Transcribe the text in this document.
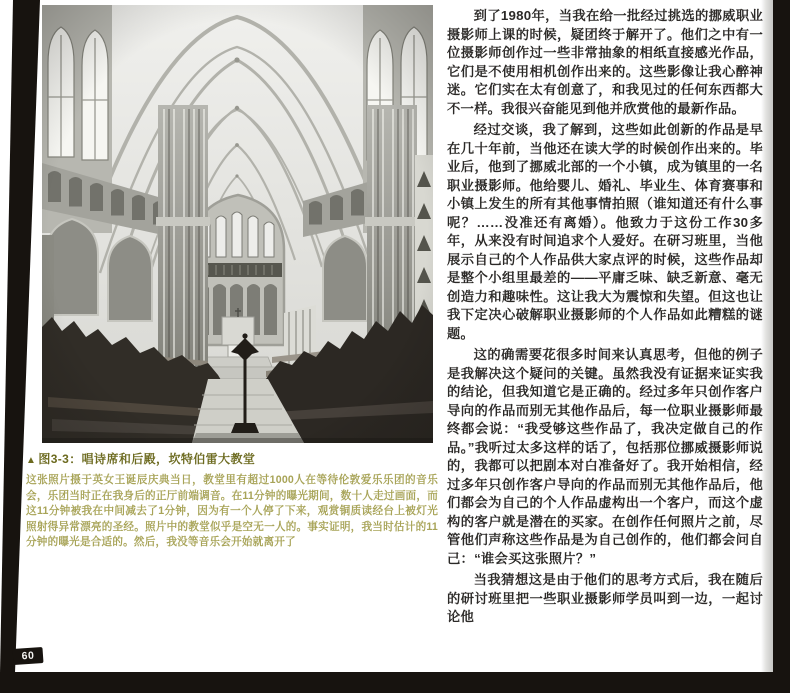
60
▲ 图3-3：唱诗席和后殿，坎特伯雷大教堂
这张照片摄于英女王诞辰庆典当日，教堂里有超过1000人在等待伦敦爱乐乐团的音乐会，乐团当时正在我身后的正厅前端调音。在11分钟的曝光期间，数十人走过画面，而这11分钟被我在中间减去了1分钟，因为有一个人停了下来，观赏铜质读经台上被灯光照射得异常漂亮的圣经。照片中的教堂似乎是空无一人的。事实证明，我当时估计的11分钟的曝光是合适的。然后，我没等音乐会开始就离开了

到了1980年，当我在给一批经过挑选的挪威职业摄影师上课的时候，疑团终于解开了。他们之中有一位摄影师创作过一些非常抽象的相纸直接感光作品，它们是不使用相机创作出来的。这些影像让我心醉神迷。它们实在太有创意了，和我见过的任何东西都大不一样。我很兴奋能见到他并欣赏他的最新作品。

经过交谈，我了解到，这些如此创新的作品是早在几十年前，当他还在读大学的时候创作出来的。毕业后，他到了挪威北部的一个小镇，成为镇里的一名职业摄影师。他给婴儿、婚礼、毕业生、体育赛事和小镇上发生的所有其他事情拍照（谁知道还有什么事呢？……没准还有离婚）。他致力于这份工作30多年，从来没有时间追求个人爱好。在研习班里，当他展示自己的个人作品供大家点评的时候，这些作品却是整个小组里最差的——平庸乏味、缺乏新意、毫无创造力和趣味性。这让我大为震惊和失望。但这也让我下定决心破解职业摄影师的个人作品如此糟糕的谜题。

这的确需要花很多时间来认真思考，但他的例子是我解决这个疑问的关键。虽然我没有证据来证实我的结论，但我知道它是正确的。经过多年只创作客户导向的作品而别无其他作品后，每一位职业摄影师最终都会说：“我受够这些作品了，我决定做自己的作品。”我听过太多这样的话了，包括那位挪威摄影师说的，我都可以把剧本对白准备好了。我开始相信，经过多年只创作客户导向的作品而别无其他作品后，他们都会为自己的个人作品虚构出一个客户，而这个虚构的客户就是潜在的买家。在创作任何照片之前，尽管他们声称这些作品是为自己创作的，他们都会问自己：“谁会买这张照片？”

当我猜想这是由于他们的思考方式后，我在随后的研讨班里把一些职业摄影师学员叫到一边，一起讨论他
